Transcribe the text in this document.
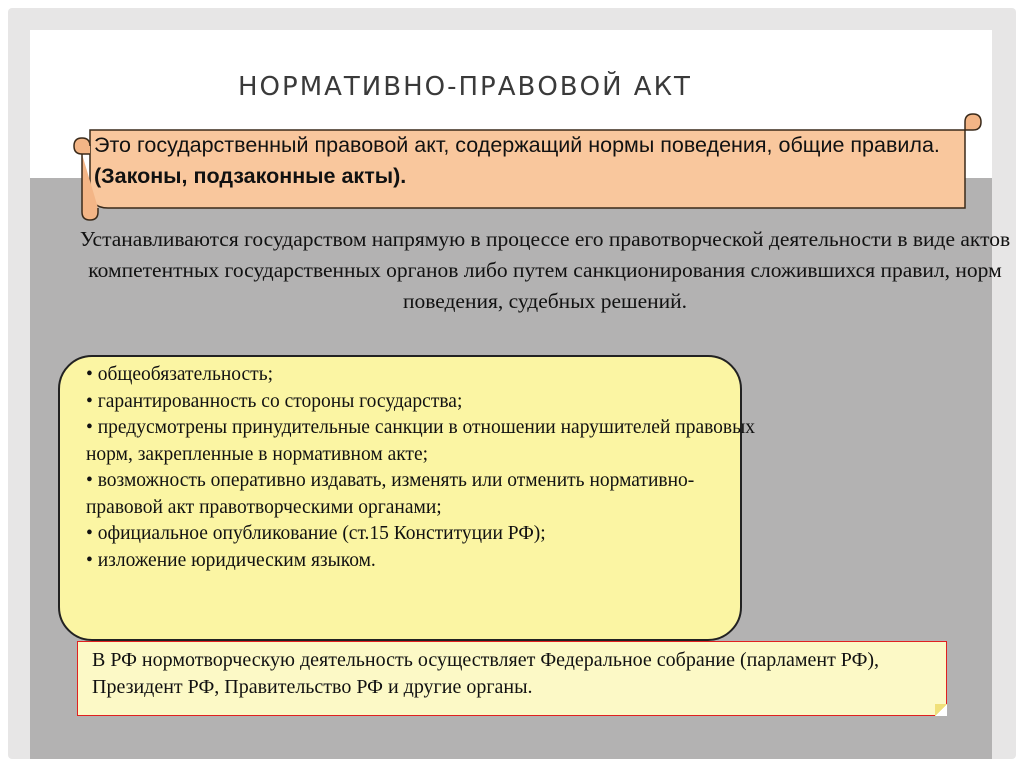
НОРМАТИВНО-ПРАВОВОЙ АКТ
Это государственный правовой акт, содержащий нормы поведения, общие правила. (Законы, подзаконные акты).

Устанавливаются государством напрямую в процессе его правотворческой деятельности в виде актов компетентных государственных органов либо путем санкционирования сложившихся правил, норм поведения, судебных решений.

• общеобязательность;
• гарантированность со стороны государства;
• предусмотрены принудительные санкции в отношении нарушителей правовых норм, закрепленные в нормативном акте;
• возможность оперативно издавать, изменять или отменить нормативно-правовой акт правотворческими органами;
• официальное опубликование (ст.15 Конституции РФ);
• изложение юридическим языком.
В РФ нормотворческую деятельность осуществляет Федеральное собрание (парламент РФ), Президент РФ, Правительство РФ и другие органы.
